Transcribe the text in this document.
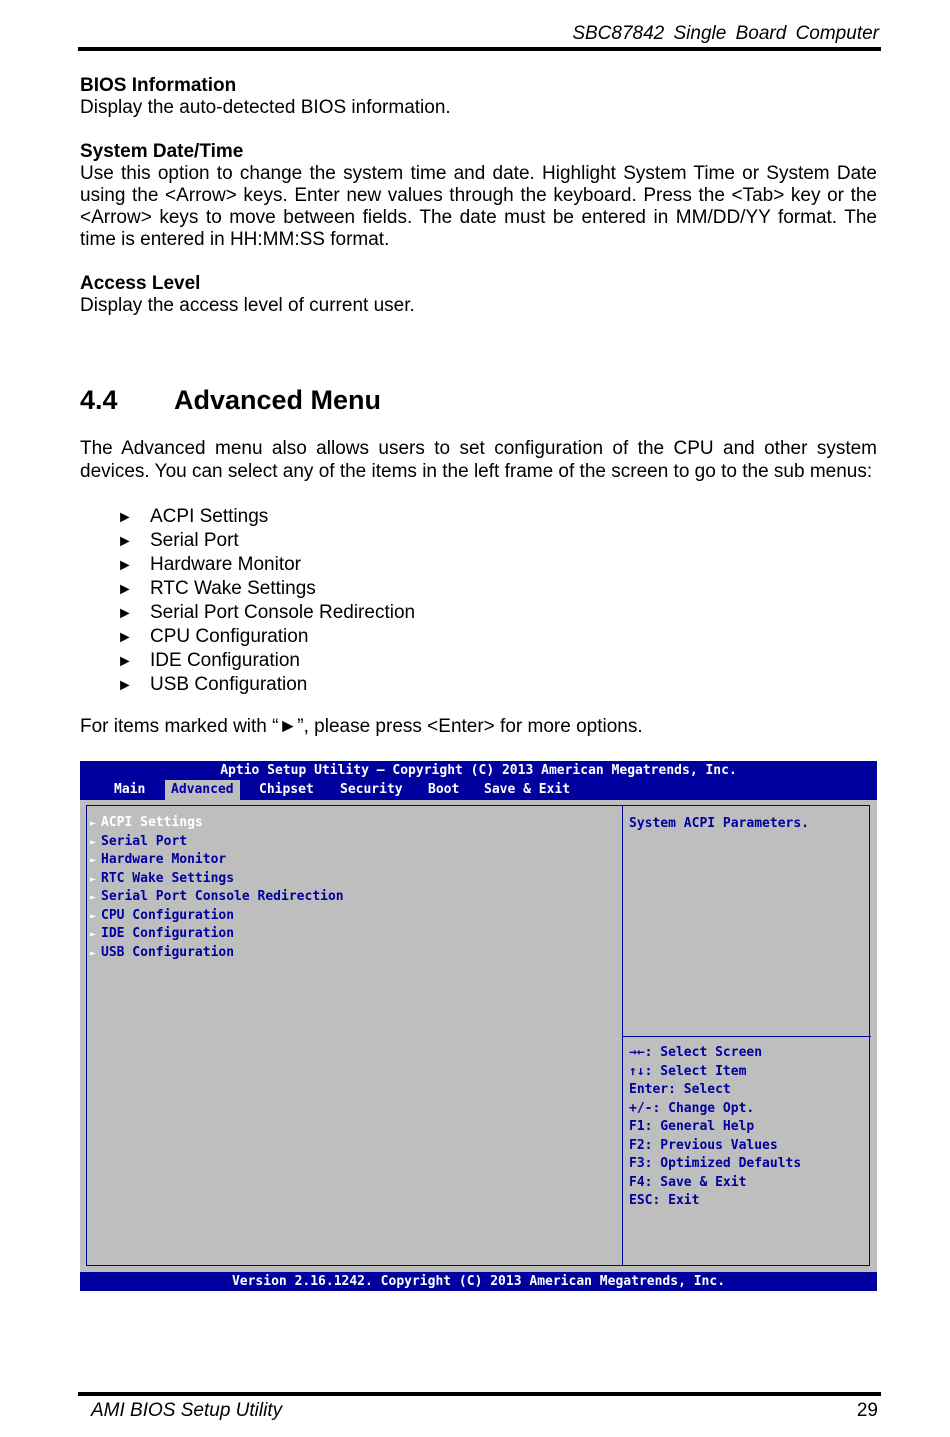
SBC87842 Single Board Computer
BIOS Information

Display the auto-detected BIOS information.

System Date/Time

Use this option to change the system time and date. Highlight System Time or System Date using the <Arrow> keys. Enter new values through the keyboard. Press the <Tab> key or the <Arrow> keys to move between fields. The date must be entered in MM/DD/YY format. The time is entered in HH:MM:SS format.

Access Level

Display the access level of current user.

4.4 Advanced Menu

The Advanced menu also allows users to set configuration of the CPU and other system devices. You can select any of the items in the left frame of the screen to go to the sub menus:

► ACPI Settings
► Serial Port
► Hardware Monitor
► RTC Wake Settings
► Serial Port Console Redirection
► CPU Configuration
► IDE Configuration
► USB Configuration

For items marked with “►”, please press <Enter> for more options.

Aptio Setup Utility – Copyright (C) 2013 American Megatrends, Inc.
Main	Advanced	Chipset	Security	Boot	Save & Exit
► ACPI Settings
► Serial Port
► Hardware Monitor
► RTC Wake Settings
► Serial Port Console Redirection
► CPU Configuration
► IDE Configuration
► USB Configuration
System ACPI Parameters.
→←: Select Screen
↑↓: Select Item
Enter: Select
+/-: Change Opt.
F1: General Help
F2: Previous Values
F3: Optimized Defaults
F4: Save & Exit
ESC: Exit
Version 2.16.1242. Copyright (C) 2013 American Megatrends, Inc.
AMI BIOS Setup Utility	29
